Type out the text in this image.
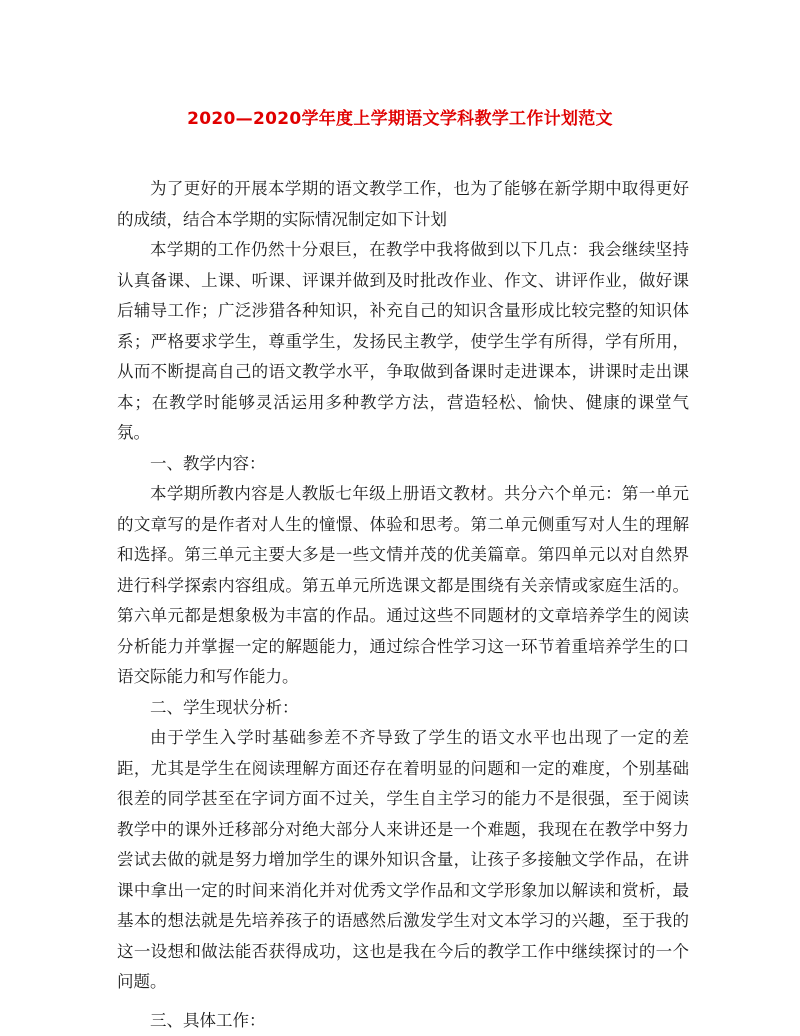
2020—2020学年度上学期语文学科教学工作计划范文

为了更好的开展本学期的语文教学工作，也为了能够在新学期中取得更好的成绩，结合本学期的实际情况制定如下计划

本学期的工作仍然十分艰巨，在教学中我将做到以下几点：我会继续坚持认真备课、上课、听课、评课并做到及时批改作业、作文、讲评作业，做好课后辅导工作；广泛涉猎各种知识，补充自己的知识含量形成比较完整的知识体系；严格要求学生，尊重学生，发扬民主教学，使学生学有所得，学有所用，从而不断提高自己的语文教学水平，争取做到备课时走进课本，讲课时走出课本；在教学时能够灵活运用多种教学方法，营造轻松、愉快、健康的课堂气氛。

一、教学内容：

本学期所教内容是人教版七年级上册语文教材。共分六个单元：第一单元的文章写的是作者对人生的憧憬、体验和思考。第二单元侧重写对人生的理解和选择。第三单元主要大多是一些文情并茂的优美篇章。第四单元以对自然界进行科学探索内容组成。第五单元所选课文都是围绕有关亲情或家庭生活的。第六单元都是想象极为丰富的作品。通过这些不同题材的文章培养学生的阅读分析能力并掌握一定的解题能力，通过综合性学习这一环节着重培养学生的口语交际能力和写作能力。

二、学生现状分析：

由于学生入学时基础参差不齐导致了学生的语文水平也出现了一定的差距，尤其是学生在阅读理解方面还存在着明显的问题和一定的难度，个别基础很差的同学甚至在字词方面不过关，学生自主学习的能力不是很强，至于阅读教学中的课外迁移部分对绝大部分人来讲还是一个难题，我现在在教学中努力尝试去做的就是努力增加学生的课外知识含量，让孩子多接触文学作品，在讲课中拿出一定的时间来消化并对优秀文学作品和文学形象加以解读和赏析，最基本的想法就是先培养孩子的语感然后激发学生对文本学习的兴趣，至于我的这一设想和做法能否获得成功，这也是我在今后的教学工作中继续探讨的一个问题。

三、具体工作：
